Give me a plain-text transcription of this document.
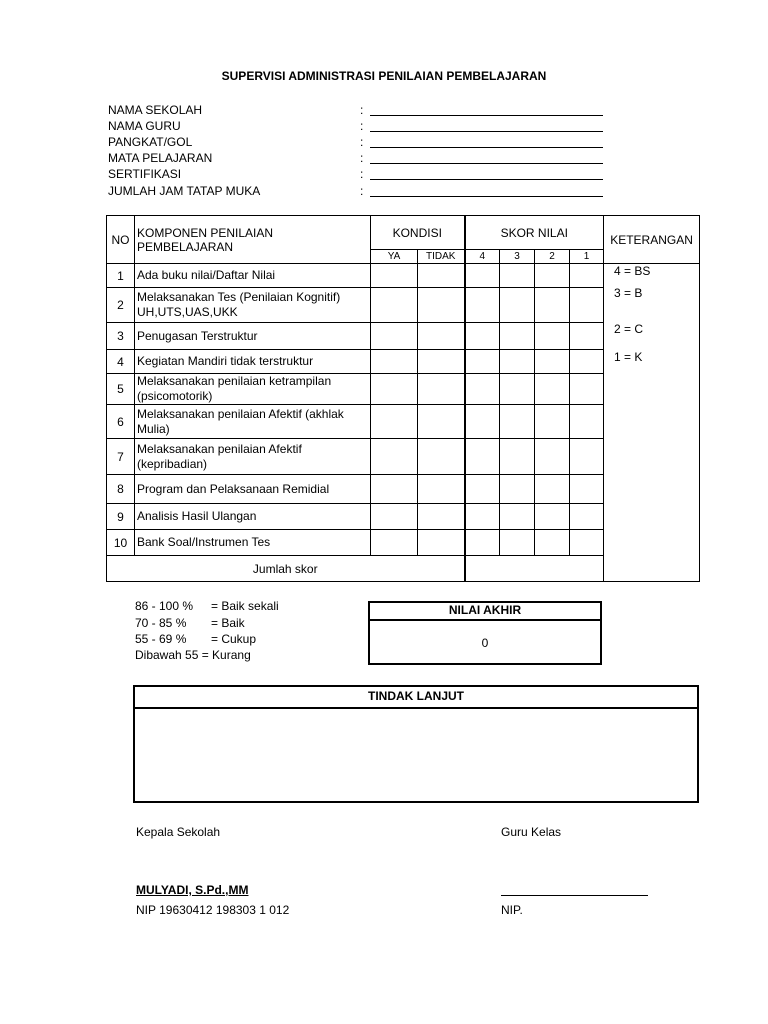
SUPERVISI ADMINISTRASI PENILAIAN PEMBELAJARAN
NAMA SEKOLAH	:
NAMA GURU	:
PANGKAT/GOL	:
MATA PELAJARAN	:
SERTIFIKASI	:
JUMLAH JAM TATAP MUKA	:
NO	KOMPONEN PENILAIAN PEMBELAJARAN	KONDISI		SKOR NILAI				KETERANGAN
		YA	TIDAK	4	3	2	1	
1	Ada buku nilai/Daftar Nilai							
2	Melaksanakan Tes (Penilaian Kognitif) UH,UTS,UAS,UKK							
3	Penugasan Terstruktur							
4	Kegiatan Mandiri tidak terstruktur							
5	Melaksanakan penilaian ketrampilan (psicomotorik)							
6	Melaksanakan penilaian Afektif (akhlak Mulia)							
7	Melaksanakan penilaian Afektif (kepribadian)							
8	Program dan Pelaksanaan Remidial							
9	Analisis Hasil Ulangan							
10	Bank Soal/Instrumen Tes							
Jumlah skor								
4 = BS
3 = B
2 = C
1 = K
86 - 100 % = Baik sekali
70 - 85 % = Baik
55 - 69 % = Cukup
Dibawah 55 = Kurang
NILAI AKHIR
0
TINDAK LANJUT
Kepala Sekolah	Guru Kelas
MULYADI, S.Pd.,MM
NIP 19630412 198303 1 012	NIP.
